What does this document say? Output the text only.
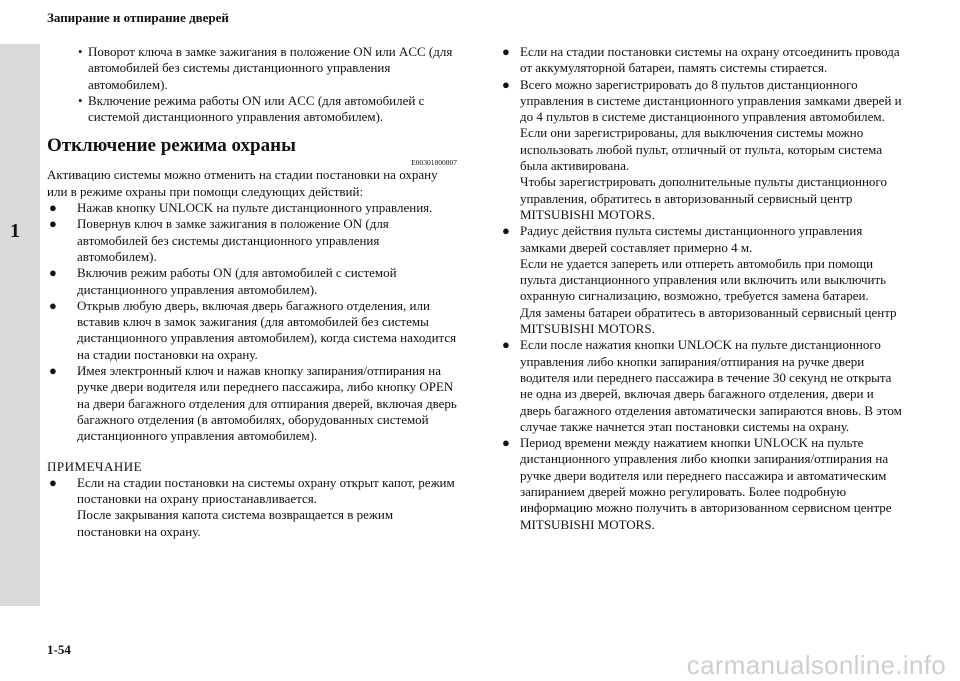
Запирание и отпирание дверей
1
• Поворот ключа в замке зажигания в положение ON или ACC (для автомобилей без системы дистанционного управления автомобилем).
• Включение режима работы ON или ACC (для автомобилей с системой дистанционного управления автомобилем).
Отключение режима охраны
E00301800807
Активацию системы можно отменить на стадии постановки на охрану или в режиме охраны при помощи следующих действий:
● Нажав кнопку UNLOCK на пульте дистанционного управления.
● Повернув ключ в замке зажигания в положение ON (для автомобилей без системы дистанционного управления автомобилем).
● Включив режим работы ON (для автомобилей с системой дистанционного управления автомобилем).
● Открыв любую дверь, включая дверь багажного отделения, или вставив ключ в замок зажигания (для автомобилей без системы дистанционного управления автомобилем), когда система находится на стадии постановки на охрану.
● Имея электронный ключ и нажав кнопку запирания/отпирания на ручке двери водителя или переднего пассажира, либо кнопку OPEN на двери багажного отделения для отпирания дверей, включая дверь багажного отделения (в автомобилях, оборудованных системой дистанционного управления автомобилем).
ПРИМЕЧАНИЕ
● Если на стадии постановки на системы охрану открыт капот, режим постановки на охрану приостанавливается.
После закрывания капота система возвращается в режим постановки на охрану.
● Если на стадии постановки системы на охрану отсоединить провода от аккумуляторной батареи, память системы стирается.
● Всего можно зарегистрировать до 8 пультов дистанционного управления в системе дистанционного управления замками дверей и до 4 пультов в системе дистанционного управления автомобилем.
Если они зарегистрированы, для выключения системы можно использовать любой пульт, отличный от пульта, которым система была активирована.
Чтобы зарегистрировать дополнительные пульты дистанционного управления, обратитесь в авторизованный сервисный центр MITSUBISHI MOTORS.
● Радиус действия пульта системы дистанционного управления замками дверей составляет примерно 4 м.
Если не удается запереть или отпереть автомобиль при помощи пульта дистанционного управления или включить или выключить охранную сигнализацию, возможно, требуется замена батареи.
Для замены батареи обратитесь в авторизованный сервисный центр MITSUBISHI MOTORS.
● Если после нажатия кнопки UNLOCK на пульте дистанционного управления либо кнопки запирания/отпирания на ручке двери водителя или переднего пассажира в течение 30 секунд не открыта не одна из дверей, включая дверь багажного отделения, двери и дверь багажного отделения автоматически запираются вновь. В этом случае также начнется этап постановки системы на охрану.
● Период времени между нажатием кнопки UNLOCK на пульте дистанционного управления либо кнопки запирания/отпирания на ручке двери водителя или переднего пассажира и автоматическим запиранием дверей можно регулировать. Более подробную информацию можно получить в авторизованном сервисном центре MITSUBISHI MOTORS.
1-54
carmanualsonline.info
